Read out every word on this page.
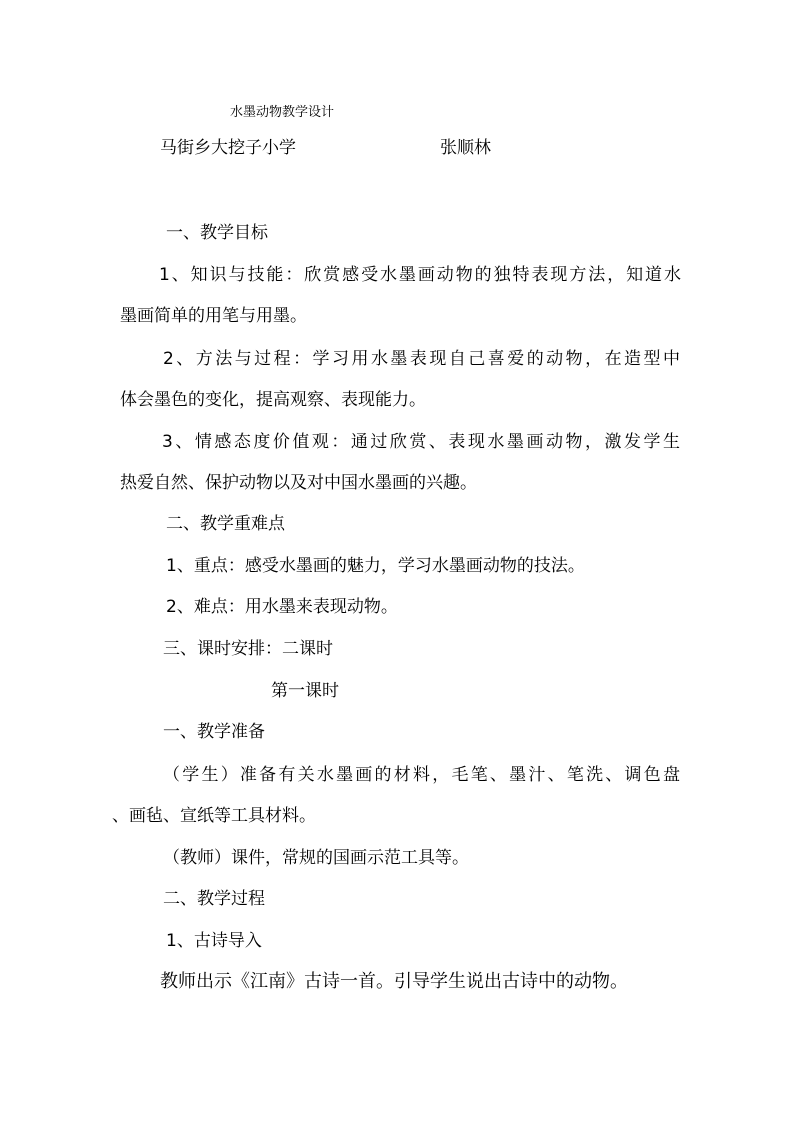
水墨动物教学设计
马街乡大挖子小学	张顺林
一、教学目标
1、知识与技能：欣赏感受水墨画动物的独特表现方法，知道水
墨画简单的用笔与用墨。
2、方法与过程：学习用水墨表现自己喜爱的动物，在造型中
体会墨色的变化，提高观察、表现能力。
3、情感态度价值观：通过欣赏、表现水墨画动物，激发学生
热爱自然、保护动物以及对中国水墨画的兴趣。
二、教学重难点
1、重点：感受水墨画的魅力，学习水墨画动物的技法。
2、难点：用水墨来表现动物。
三、课时安排：二课时
第一课时
一、教学准备
（学生）准备有关水墨画的材料，毛笔、墨汁、笔洗、调色盘
、画毡、宣纸等工具材料。
（教师）课件，常规的国画示范工具等。
二、教学过程
1、古诗导入
教师出示《江南》古诗一首。引导学生说出古诗中的动物。
